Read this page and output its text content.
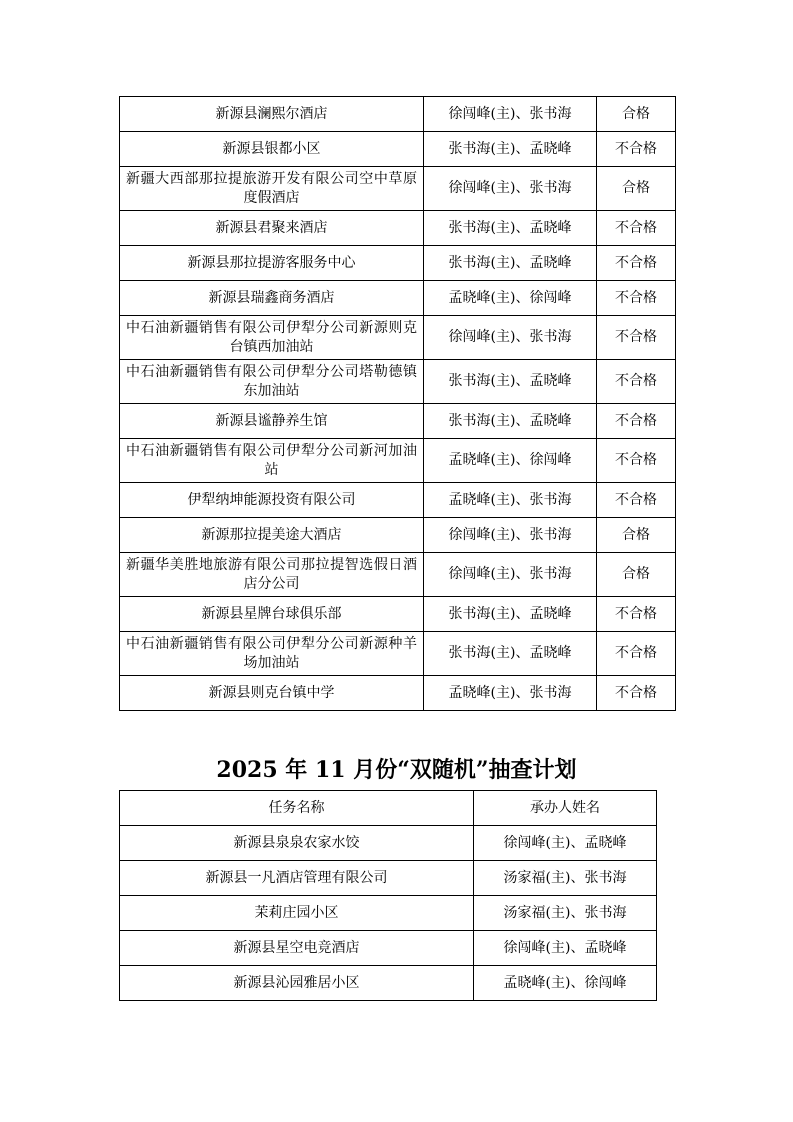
新源县澜熙尔酒店	徐闯峰(主)、张书海	合格
新源县银都小区	张书海(主)、孟晓峰	不合格
新疆大西部那拉提旅游开发有限公司空中草原度假酒店	徐闯峰(主)、张书海	合格
新源县君聚来酒店	张书海(主)、孟晓峰	不合格
新源县那拉提游客服务中心	张书海(主)、孟晓峰	不合格
新源县瑞鑫商务酒店	孟晓峰(主)、徐闯峰	不合格
中石油新疆销售有限公司伊犁分公司新源则克台镇西加油站	徐闯峰(主)、张书海	不合格
中石油新疆销售有限公司伊犁分公司塔勒德镇东加油站	张书海(主)、孟晓峰	不合格
新源县谧静养生馆	张书海(主)、孟晓峰	不合格
中石油新疆销售有限公司伊犁分公司新河加油站	孟晓峰(主)、徐闯峰	不合格
伊犁纳坤能源投资有限公司	孟晓峰(主)、张书海	不合格
新源那拉提美途大酒店	徐闯峰(主)、张书海	合格
新疆华美胜地旅游有限公司那拉提智选假日酒店分公司	徐闯峰(主)、张书海	合格
新源县星牌台球俱乐部	张书海(主)、孟晓峰	不合格
中石油新疆销售有限公司伊犁分公司新源种羊场加油站	张书海(主)、孟晓峰	不合格
新源县则克台镇中学	孟晓峰(主)、张书海	不合格
2025 年 11 月份“双随机”抽查计划
任务名称	承办人姓名
新源县泉泉农家水饺	徐闯峰(主)、孟晓峰
新源县一凡酒店管理有限公司	汤家福(主)、张书海
茉莉庄园小区	汤家福(主)、张书海
新源县星空电竞酒店	徐闯峰(主)、孟晓峰
新源县沁园雅居小区	孟晓峰(主)、徐闯峰
